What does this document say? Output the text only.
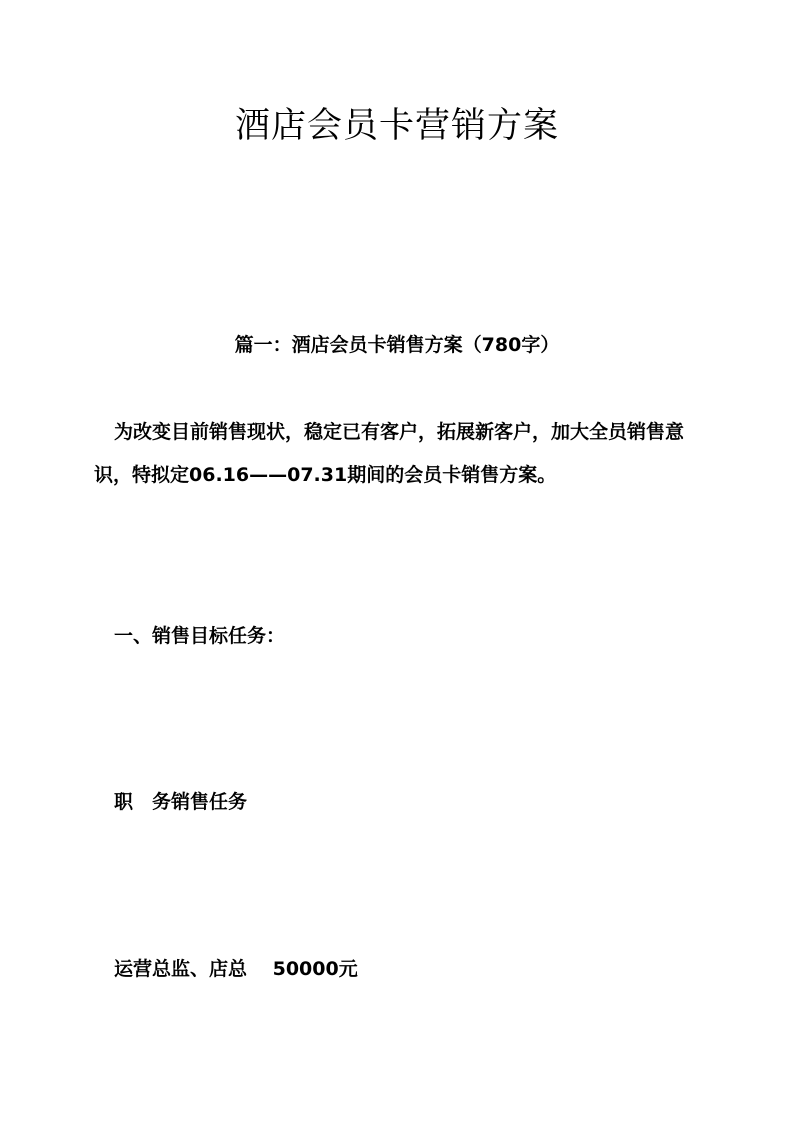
酒店会员卡营销方案
篇一：酒店会员卡销售方案（780字）

为改变目前销售现状，稳定已有客户，拓展新客户，加大全员销售意识，特拟定06.16——07.31期间的会员卡销售方案。

一、销售目标任务：

职　务销售任务

运营总监、店总　 50000元
